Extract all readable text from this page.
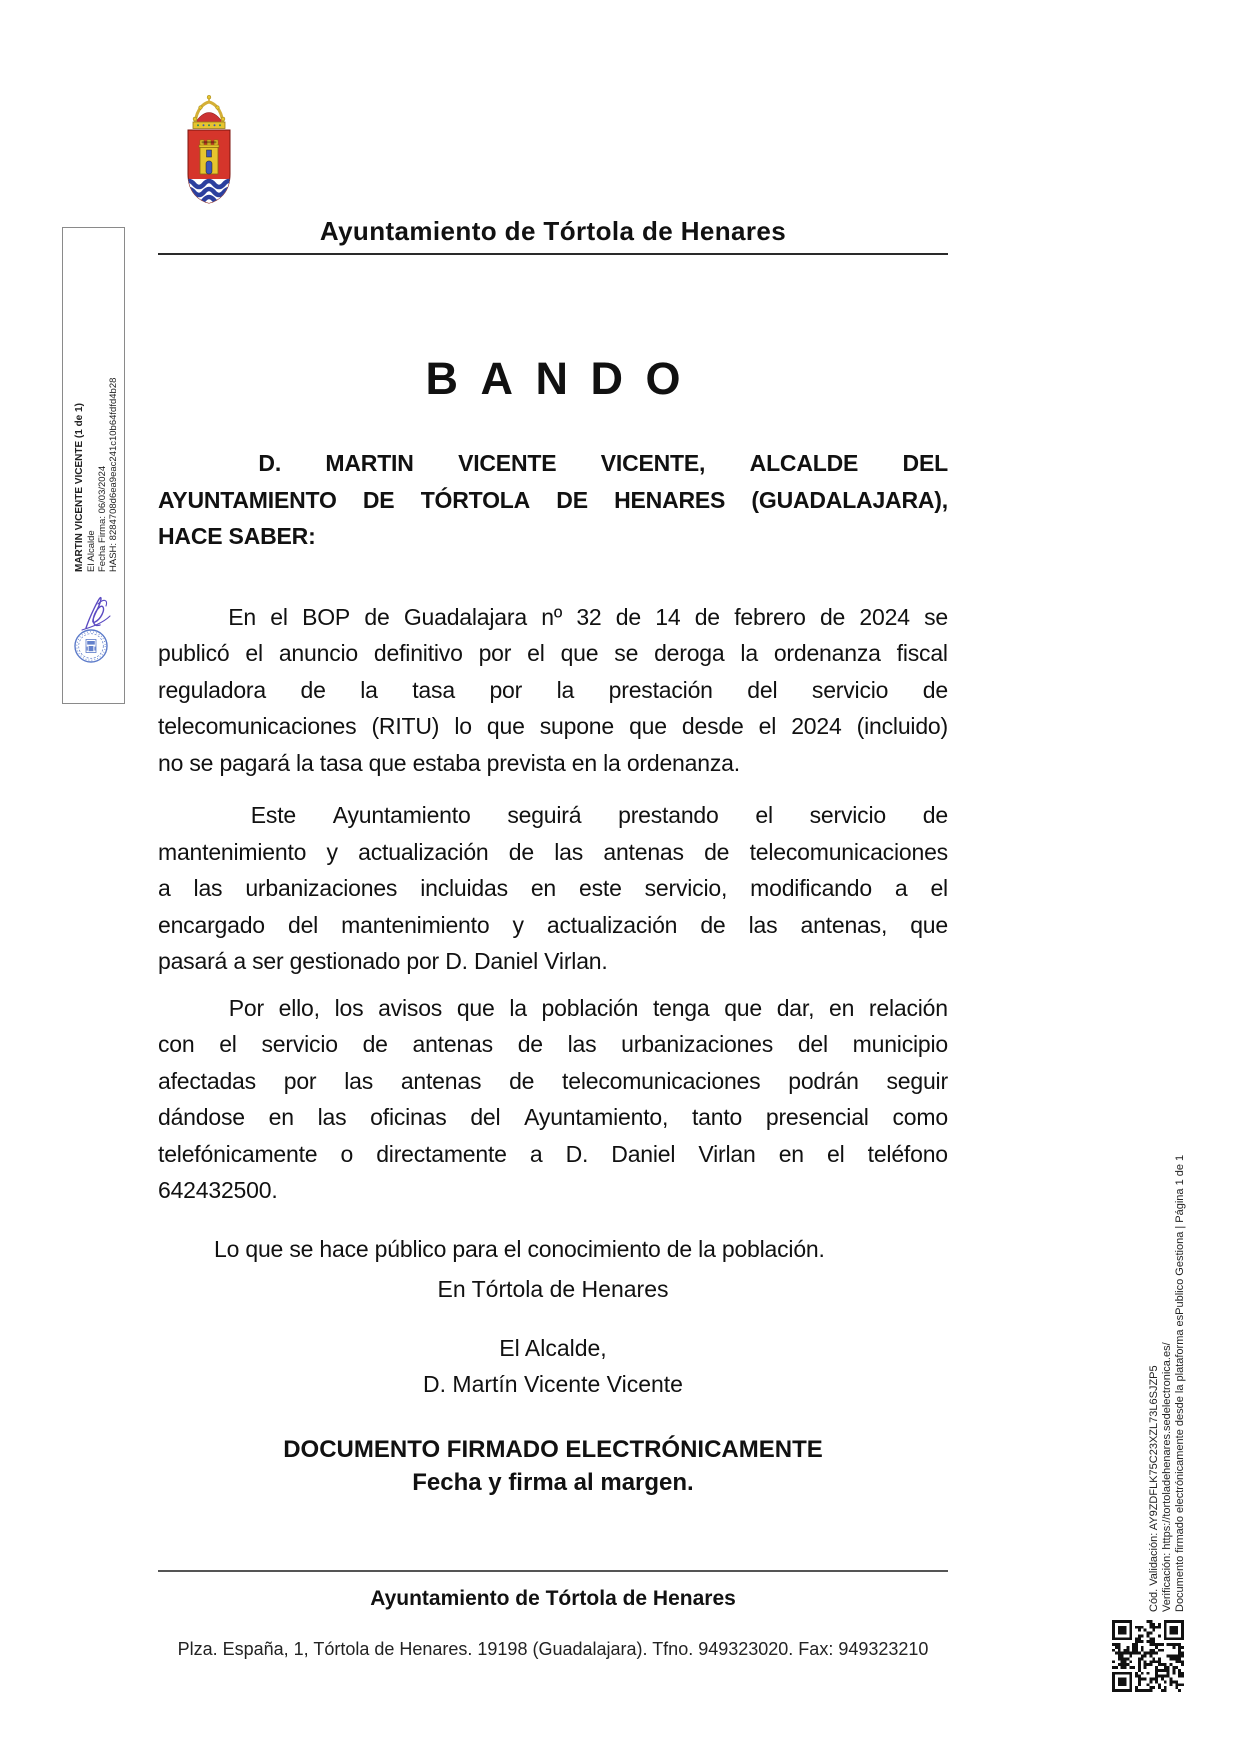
Ayuntamiento de Tórtola de Henares
BANDO
D. MARTIN VICENTE VICENTE, ALCALDE DEL
AYUNTAMIENTO DE TÓRTOLA DE HENARES (GUADALAJARA),
HACE SABER:
En el BOP de Guadalajara nº 32 de 14 de febrero de 2024 se
publicó el anuncio definitivo por el que se deroga la ordenanza fiscal
reguladora de la tasa por la prestación del servicio de
telecomunicaciones (RITU) lo que supone que desde el 2024 (incluido)
no se pagará la tasa que estaba prevista en la ordenanza.
Este Ayuntamiento seguirá prestando el servicio de
mantenimiento y actualización de las antenas de telecomunicaciones
a las urbanizaciones incluidas en este servicio, modificando a el
encargado del mantenimiento y actualización de las antenas, que
pasará a ser gestionado por D. Daniel Virlan.
Por ello, los avisos que la población tenga que dar, en relación
con el servicio de antenas de las urbanizaciones del municipio
afectadas por las antenas de telecomunicaciones podrán seguir
dándose en las oficinas del Ayuntamiento, tanto presencial como
telefónicamente o directamente a D. Daniel Virlan en el teléfono
642432500.
Lo que se hace público para el conocimiento de la población.
En Tórtola de Henares
El Alcalde,
D. Martín Vicente Vicente
DOCUMENTO FIRMADO ELECTRÓNICAMENTE
Fecha y firma al margen.
Ayuntamiento de Tórtola de Henares
Plza. España, 1, Tórtola de Henares. 19198 (Guadalajara). Tfno. 949323020. Fax: 949323210
MARTIN VICENTE VICENTE (1 de 1) El Alcalde Fecha Firma: 06/03/2024 HASH: 8284708d6ea9eac241c10b64fdfd4b28
Cód. Validación: AY9ZDFLK75C23XZL73L6SJZP5 Verificación: https://tortoladehenares.sedelectronica.es/ Documento firmado electrónicamente desde la plataforma esPublico Gestiona | Página 1 de 1
